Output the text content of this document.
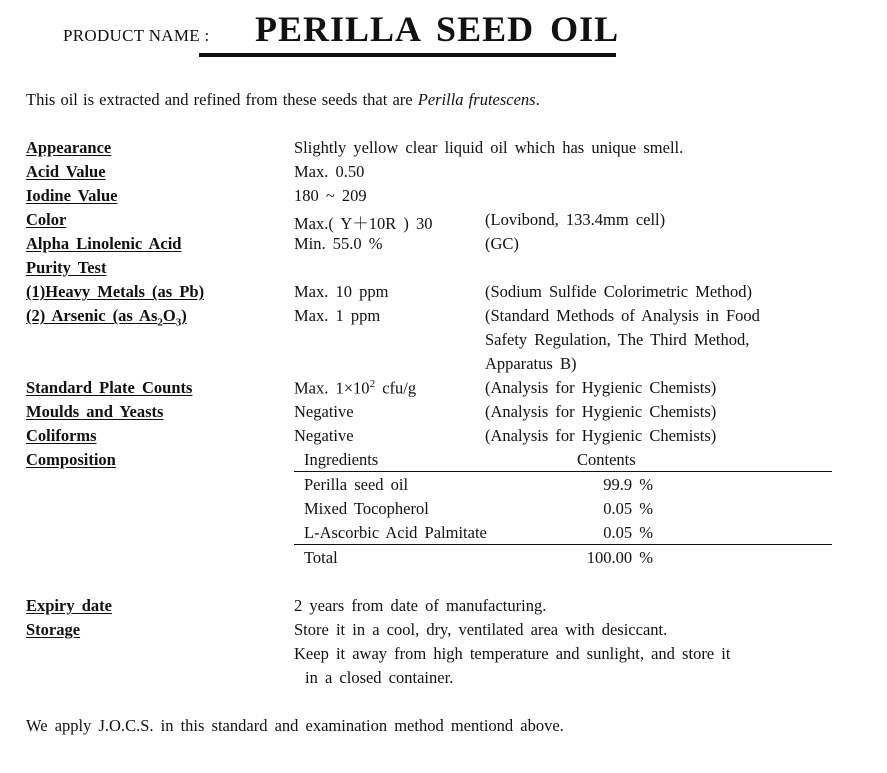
PRODUCT NAME : PERILLA SEED OIL
This oil is extracted and refined from these seeds that are Perilla frutescens.
Appearance	Slightly yellow clear liquid oil which has unique smell.
Acid Value	Max. 0.50
Iodine Value	180 ~ 209
Color	Max.( Y＋10R ) 30	(Lovibond, 133.4mm cell)
Alpha Linolenic Acid	Min. 55.0 %	(GC)
Purity Test
(1)Heavy Metals (as Pb)	Max. 10 ppm	(Sodium Sulfide Colorimetric Method)
(2) Arsenic (as $As_2O_3$)	Max. 1 ppm	(Standard Methods of Analysis in Food
Safety Regulation, The Third Method,
Apparatus B)
Standard Plate Counts	Max. $1\times 10^2$ cfu/g	(Analysis for Hygienic Chemists)
Moulds and Yeasts	Negative	(Analysis for Hygienic Chemists)
Coliforms	Negative	(Analysis for Hygienic Chemists)
Composition	Ingredients	Contents
Perilla seed oil	99.9 %
Mixed Tocopherol	0.05 %
L-Ascorbic Acid Palmitate	0.05 %
Total	100.00 %
Expiry date	2 years from date of manufacturing.
Storage	Store it in a cool, dry, ventilated area with desiccant.
Keep it away from high temperature and sunlight, and store it
in a closed container.
We apply J.O.C.S. in this standard and examination method mentiond above.
